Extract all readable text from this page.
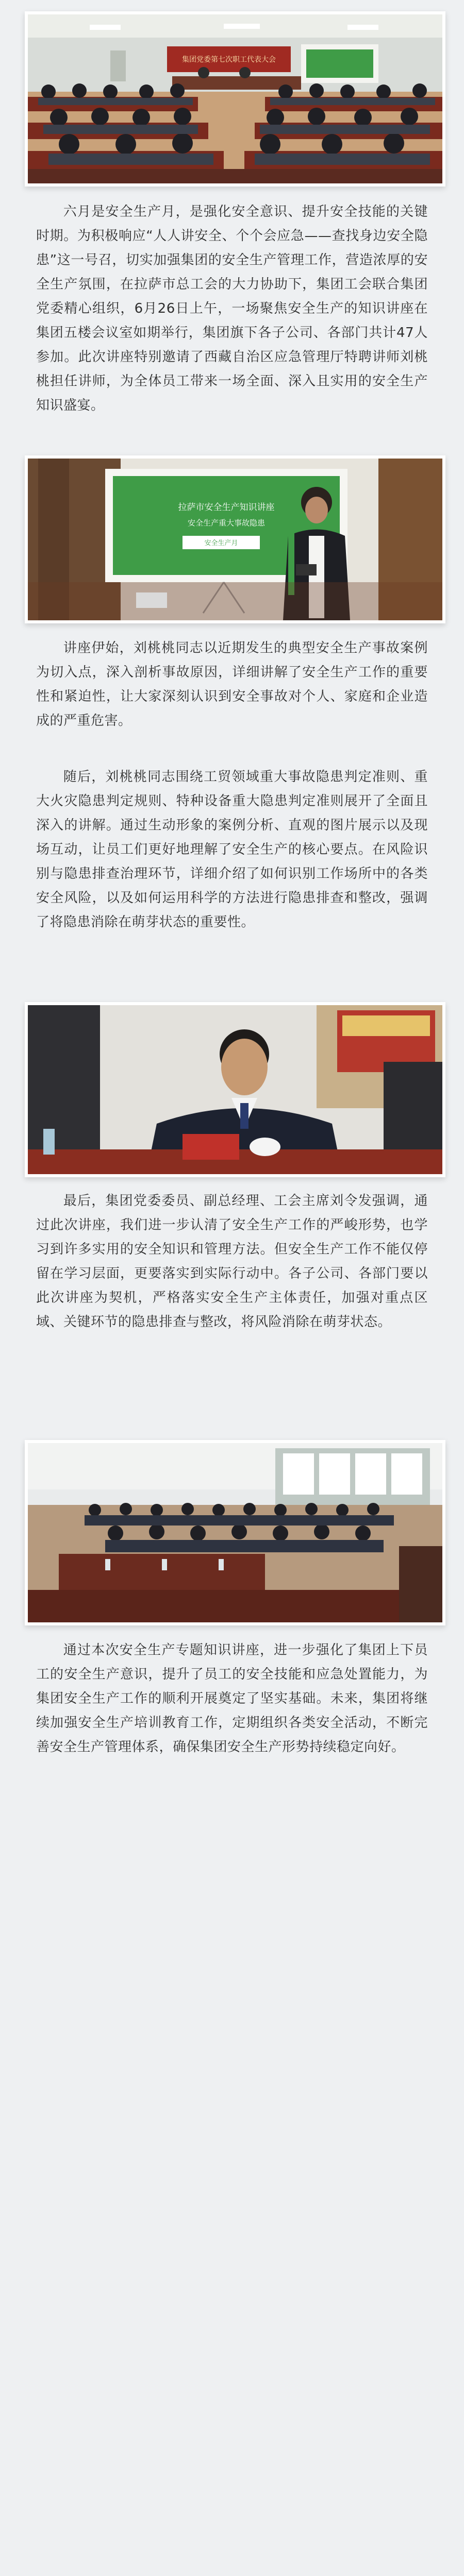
集团党委第七次职工代表大会

六月是安全生产月，是强化安全意识、提升安全技能的关键时期。为积极响应“人人讲安全、个个会应急——查找身边安全隐患”这一号召，切实加强集团的安全生产管理工作，营造浓厚的安全生产氛围，在拉萨市总工会的大力协助下，集团工会联合集团党委精心组织，6月26日上午，一场聚焦安全生产的知识讲座在集团五楼会议室如期举行，集团旗下各子公司、各部门共计47人参加。此次讲座特别邀请了西藏自治区应急管理厅特聘讲师刘桃桃担任讲师，为全体员工带来一场全面、深入且实用的安全生产知识盛宴。

拉萨市安全生产知识讲座
安全生产重大事故隐患
安全生产月

讲座伊始，刘桃桃同志以近期发生的典型安全生产事故案例为切入点，深入剖析事故原因，详细讲解了安全生产工作的重要性和紧迫性，让大家深刻认识到安全事故对个人、家庭和企业造成的严重危害。

随后，刘桃桃同志围绕工贸领域重大事故隐患判定准则、重大火灾隐患判定规则、特种设备重大隐患判定准则展开了全面且深入的讲解。通过生动形象的案例分析、直观的图片展示以及现场互动，让员工们更好地理解了安全生产的核心要点。在风险识别与隐患排查治理环节，详细介绍了如何识别工作场所中的各类安全风险，以及如何运用科学的方法进行隐患排查和整改，强调了将隐患消除在萌芽状态的重要性。

最后，集团党委委员、副总经理、工会主席刘令发强调，通过此次讲座，我们进一步认清了安全生产工作的严峻形势，也学习到许多实用的安全知识和管理方法。但安全生产工作不能仅停留在学习层面，更要落实到实际行动中。各子公司、各部门要以此次讲座为契机，严格落实安全生产主体责任，加强对重点区域、关键环节的隐患排查与整改，将风险消除在萌芽状态。

通过本次安全生产专题知识讲座，进一步强化了集团上下员工的安全生产意识，提升了员工的安全技能和应急处置能力，为集团安全生产工作的顺利开展奠定了坚实基础。未来，集团将继续加强安全生产培训教育工作，定期组织各类安全活动，不断完善安全生产管理体系，确保集团安全生产形势持续稳定向好。
